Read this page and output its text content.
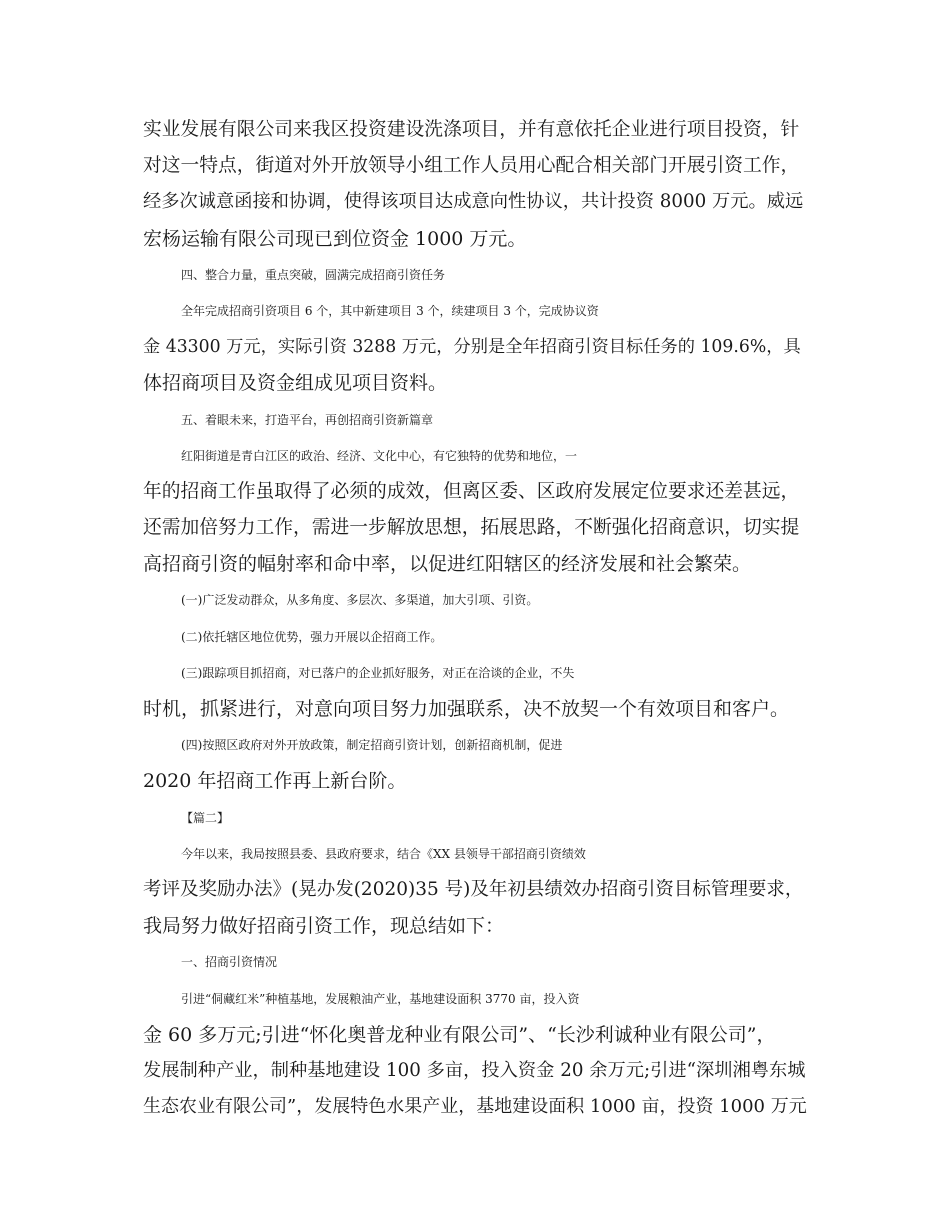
实业发展有限公司来我区投资建设洗涤项目，并有意依托企业进行项目投资，针
对这一特点，街道对外开放领导小组工作人员用心配合相关部门开展引资工作，
经多次诚意函接和协调，使得该项目达成意向性协议，共计投资 8000 万元。威远
宏杨运输有限公司现已到位资金 1000 万元。
四、整合力量，重点突破，圆满完成招商引资任务
全年完成招商引资项目 6 个，其中新建项目 3 个，续建项目 3 个，完成协议资
金 43300 万元，实际引资 3288 万元，分别是全年招商引资目标任务的 109.6%，具
体招商项目及资金组成见项目资料。
五、着眼未来，打造平台，再创招商引资新篇章
红阳街道是青白江区的政治、经济、文化中心，有它独特的优势和地位，一
年的招商工作虽取得了必须的成效，但离区委、区政府发展定位要求还差甚远，
还需加倍努力工作，需进一步解放思想，拓展思路，不断强化招商意识，切实提
高招商引资的幅射率和命中率，以促进红阳辖区的经济发展和社会繁荣。
(一)广泛发动群众，从多角度、多层次、多渠道，加大引项、引资。
(二)依托辖区地位优势，强力开展以企招商工作。
(三)跟踪项目抓招商，对已落户的企业抓好服务，对正在洽谈的企业，不失
时机，抓紧进行，对意向项目努力加强联系，决不放契一个有效项目和客户。
(四)按照区政府对外开放政策，制定招商引资计划，创新招商机制，促进
2020 年招商工作再上新台阶。
【篇二】
今年以来，我局按照县委、县政府要求，结合《XX 县领导干部招商引资绩效
考评及奖励办法》(晃办发(2020)35 号)及年初县绩效办招商引资目标管理要求，
我局努力做好招商引资工作，现总结如下：
一、招商引资情况
引进“侗藏红米”种植基地，发展粮油产业，基地建设面积 3770 亩，投入资
金 60 多万元;引进“怀化奥普龙种业有限公司”、“长沙利诚种业有限公司”，
发展制种产业，制种基地建设 100 多亩，投入资金 20 余万元;引进“深圳湘粤东城
生态农业有限公司”，发展特色水果产业，基地建设面积 1000 亩，投资 1000 万元
